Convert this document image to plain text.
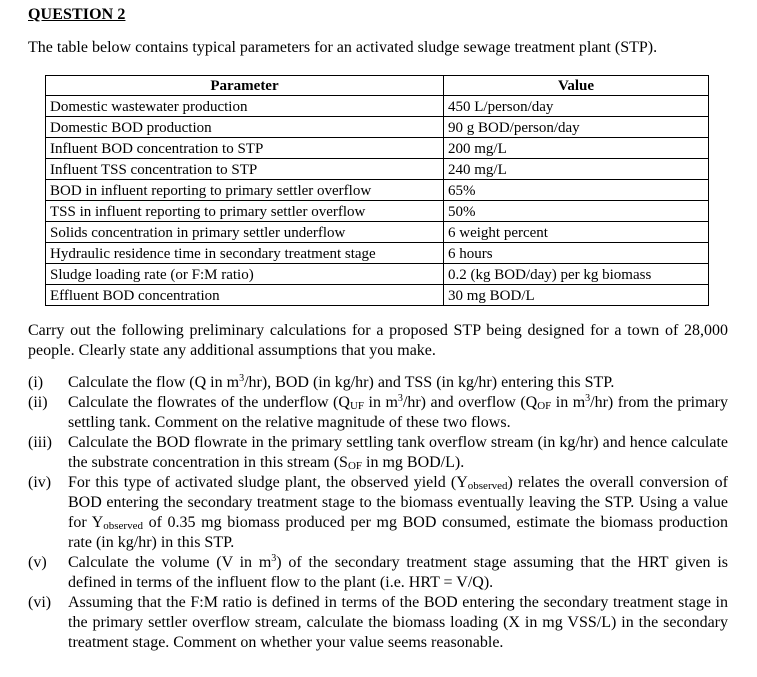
QUESTION 2
The table below contains typical parameters for an activated sludge sewage treatment plant (STP).
Parameter	Value
Domestic wastewater production	450 L/person/day
Domestic BOD production	90 g BOD/person/day
Influent BOD concentration to STP	200 mg/L
Influent TSS concentration to STP	240 mg/L
BOD in influent reporting to primary settler overflow	65%
TSS in influent reporting to primary settler overflow	50%
Solids concentration in primary settler underflow	6 weight percent
Hydraulic residence time in secondary treatment stage	6 hours
Sludge loading rate (or F:M ratio)	0.2 (kg BOD/day) per kg biomass
Effluent BOD concentration	30 mg BOD/L
Carry out the following preliminary calculations for a proposed STP being designed for a town of 28,000 people. Clearly state any additional assumptions that you make.
(i)	Calculate the flow (Q in $m^3/hr$), BOD (in kg/hr) and TSS (in kg/hr) entering this STP.
(ii)	Calculate the flowrates of the underflow ($Q_{UF}$ in $m^3/hr$) and overflow ($Q_{OF}$ in $m^3/hr$) from the primary settling tank. Comment on the relative magnitude of these two flows.
(iii)	Calculate the BOD flowrate in the primary settling tank overflow stream (in kg/hr) and hence calculate the substrate concentration in this stream ($S_{OF}$ in mg BOD/L).
(iv)	For this type of activated sludge plant, the observed yield $(Y_{observed})$ relates the overall conversion of BOD entering the secondary treatment stage to the biomass eventually leaving the STP. Using a value for $Y_{observed}$ of 0.35 mg biomass produced per mg BOD consumed, estimate the biomass production rate (in kg/hr) in this STP.
(v)	Calculate the volume (V in $m^3$) of the secondary treatment stage assuming that the HRT given is defined in terms of the influent flow to the plant (i.e. HRT = V/Q).
(vi)	Assuming that the F:M ratio is defined in terms of the BOD entering the secondary treatment stage in the primary settler overflow stream, calculate the biomass loading (X in mg VSS/L) in the secondary treatment stage. Comment on whether your value seems reasonable.
